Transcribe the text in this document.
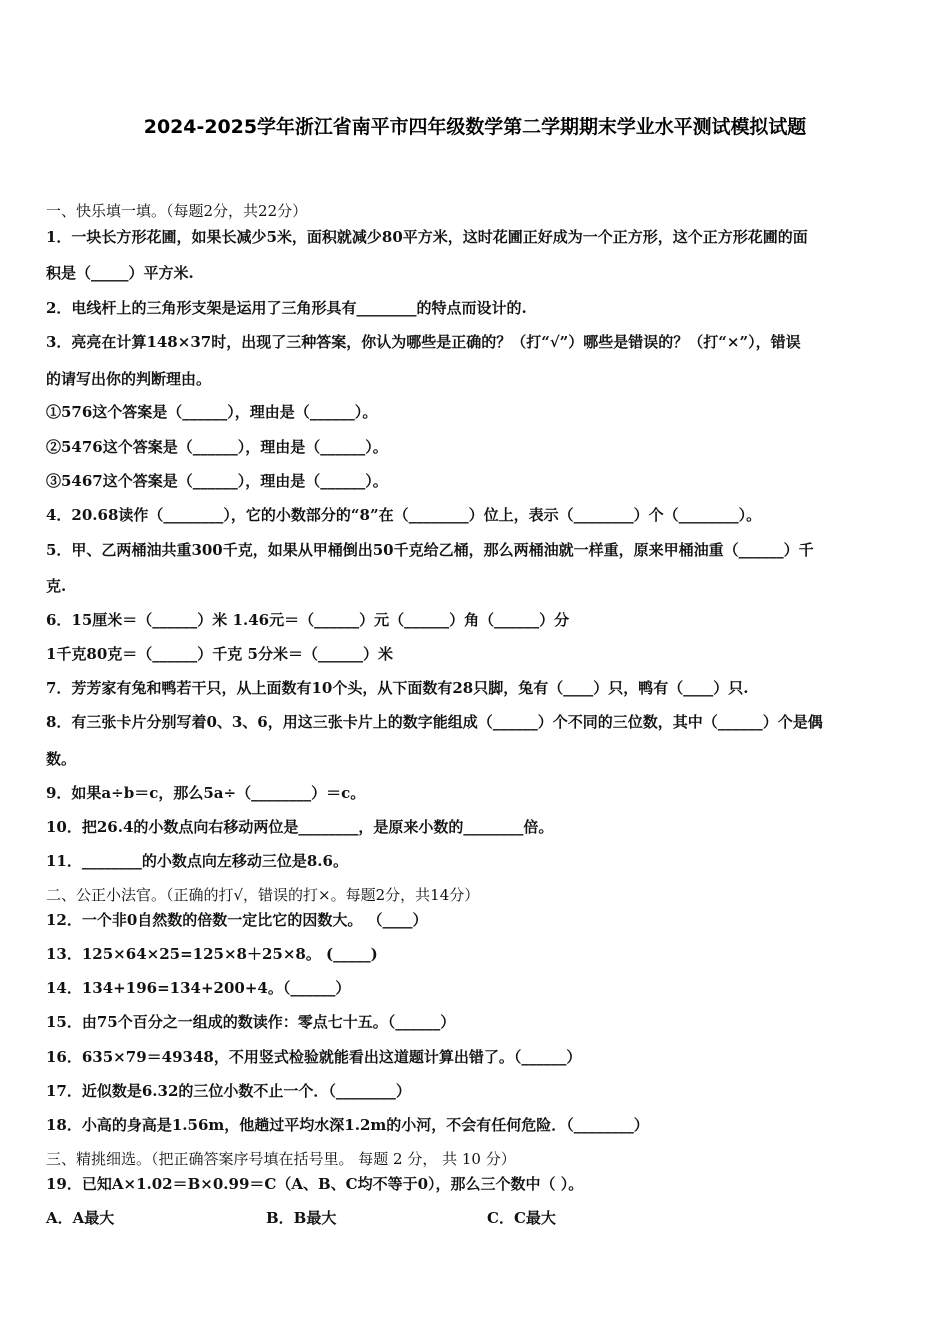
2024-2025学年浙江省南平市四年级数学第二学期期末学业水平测试模拟试题
一、快乐填一填。（每题2分，共22分）
1．一块长方形花圃，如果长减少5米，面积就减少80平方米，这时花圃正好成为一个正方形，这个正方形花圃的面
积是（_____）平方米.
2．电线杆上的三角形支架是运用了三角形具有________的特点而设计的.
3．亮亮在计算148×37时，出现了三种答案，你认为哪些是正确的？（打“√”）哪些是错误的？（打“×”），错误
的请写出你的判断理由。
①576这个答案是（______），理由是（______）。
②5476这个答案是（______），理由是（______）。
③5467这个答案是（______），理由是（______）。
4．20.68读作（________），它的小数部分的“8”在（________）位上，表示（________）个（________）。
5．甲、乙两桶油共重300千克，如果从甲桶倒出50千克给乙桶，那么两桶油就一样重，原来甲桶油重（______）千
克.
6．15厘米＝（______）米 1.46元＝（______）元（______）角（______）分
1千克80克＝（______）千克 5分米＝（______）米
7．芳芳家有兔和鸭若干只，从上面数有10个头，从下面数有28只脚，兔有（____）只，鸭有（____）只.
8．有三张卡片分别写着0、3、6，用这三张卡片上的数字能组成（______）个不同的三位数，其中（______）个是偶
数。
9．如果a÷b＝c，那么5a÷（________）＝c。
10．把26.4的小数点向右移动两位是________，是原来小数的________倍。
11．________的小数点向左移动三位是8.6。
二、公正小法官。（正确的打√，错误的打×。每题2分，共14分）
12．一个非0自然数的倍数一定比它的因数大。 （____）
13．125×64×25=125×8＋25×8。 (_____)
14．134+196=134+200+4。（______）
15．由75个百分之一组成的数读作：零点七十五。（______）
16．635×79＝49348，不用竖式检验就能看出这道题计算出错了。（______）
17．近似数是6.32的三位小数不止一个．（________）
18．小高的身高是1.56m，他趟过平均水深1.2m的小河，不会有任何危险．（________）
三、精挑细选。（把正确答案序号填在括号里。 每题 2 分， 共 10 分）
19．已知A×1.02＝B×0.99＝C（A、B、C均不等于0），那么三个数中（ ）。
A．A最大	B．B最大	C．C最大
